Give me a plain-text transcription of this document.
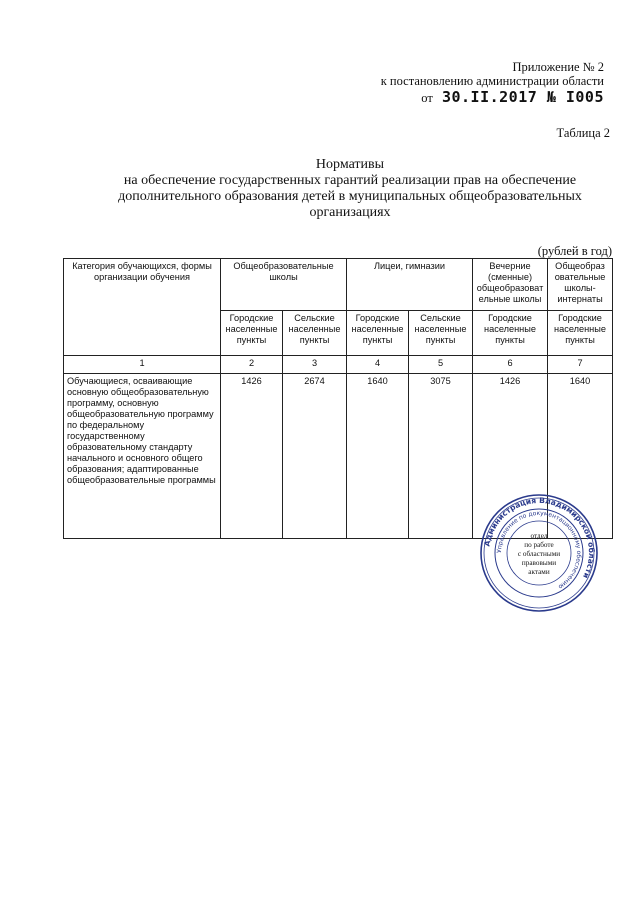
Приложение № 2
к постановлению администрации области
от 30.II.2017 № I005
Таблица 2
Нормативы
на обеспечение государственных гарантий реализации прав на обеспечение дополнительного образования детей в муниципальных общеобразовательных организациях
(рублей в год)
Категория обучающихся, формы организации обучения	Общеобразовательные школы		Лицеи, гимназии		Вечерние (сменные) общеобразоват ельные школы	Общеобраз овательные школы-интернаты
	Городские населенные пункты	Сельские населенные пункты	Городские населенные пункты	Сельские населенные пункты	Городские населенные пункты	Городские населенные пункты
1	2	3	4	5	6	7
Обучающиеся, осваивающие основную общеобразовательную программу, основную общеобразовательную программу по федеральному государственному образовательному стандарту начального и основного общего образования; адаптированные общеобразовательные программы	1426	2674	1640	3075	1426	1640
Администрация Владимирской области
Управление по документационному обеспечению
отдел
по работе
с областными
правовыми
актами
